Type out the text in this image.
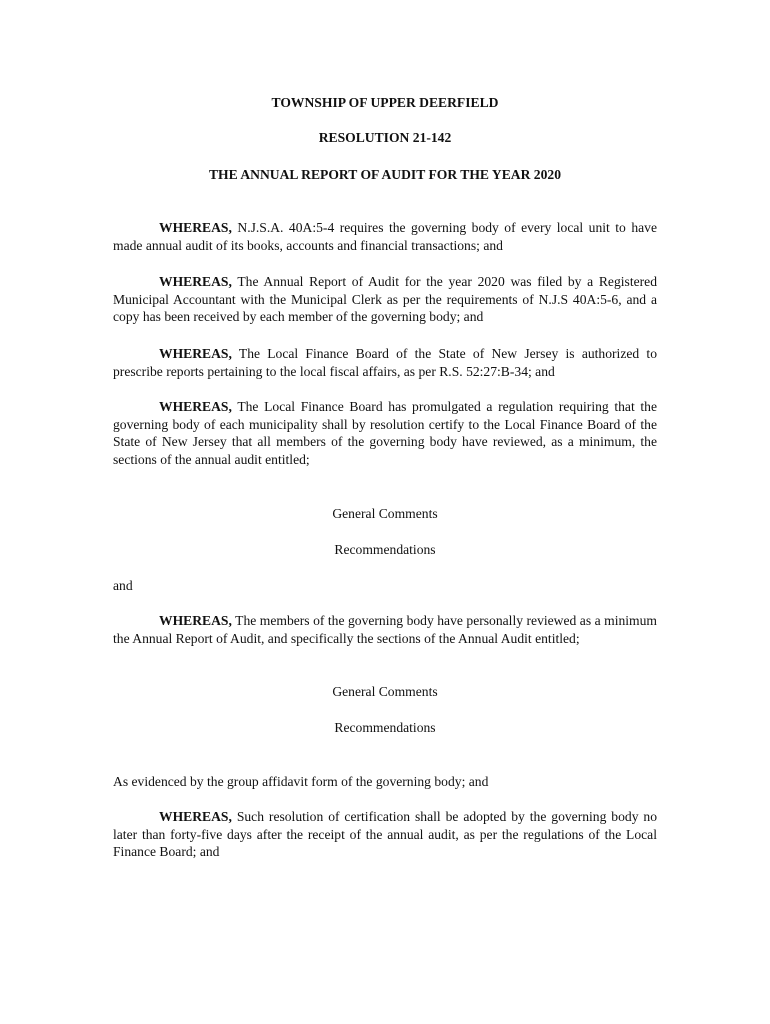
TOWNSHIP OF UPPER DEERFIELD
RESOLUTION 21-142
THE ANNUAL REPORT OF AUDIT FOR THE YEAR 2020

WHEREAS, N.J.S.A. 40A:5-4 requires the governing body of every local unit to have made annual audit of its books, accounts and financial transactions; and

WHEREAS, The Annual Report of Audit for the year 2020 was filed by a Registered Municipal Accountant with the Municipal Clerk as per the requirements of N.J.S 40A:5-6, and a copy has been received by each member of the governing body; and

WHEREAS, The Local Finance Board of the State of New Jersey is authorized to prescribe reports pertaining to the local fiscal affairs, as per R.S. 52:27:B-34; and

WHEREAS, The Local Finance Board has promulgated a regulation requiring that the governing body of each municipality shall by resolution certify to the Local Finance Board of the State of New Jersey that all members of the governing body have reviewed, as a minimum, the sections of the annual audit entitled;

General Comments
Recommendations
and

WHEREAS, The members of the governing body have personally reviewed as a minimum the Annual Report of Audit, and specifically the sections of the Annual Audit entitled;

General Comments
Recommendations
As evidenced by the group affidavit form of the governing body; and

WHEREAS, Such resolution of certification shall be adopted by the governing body no later than forty-five days after the receipt of the annual audit, as per the regulations of the Local Finance Board; and
